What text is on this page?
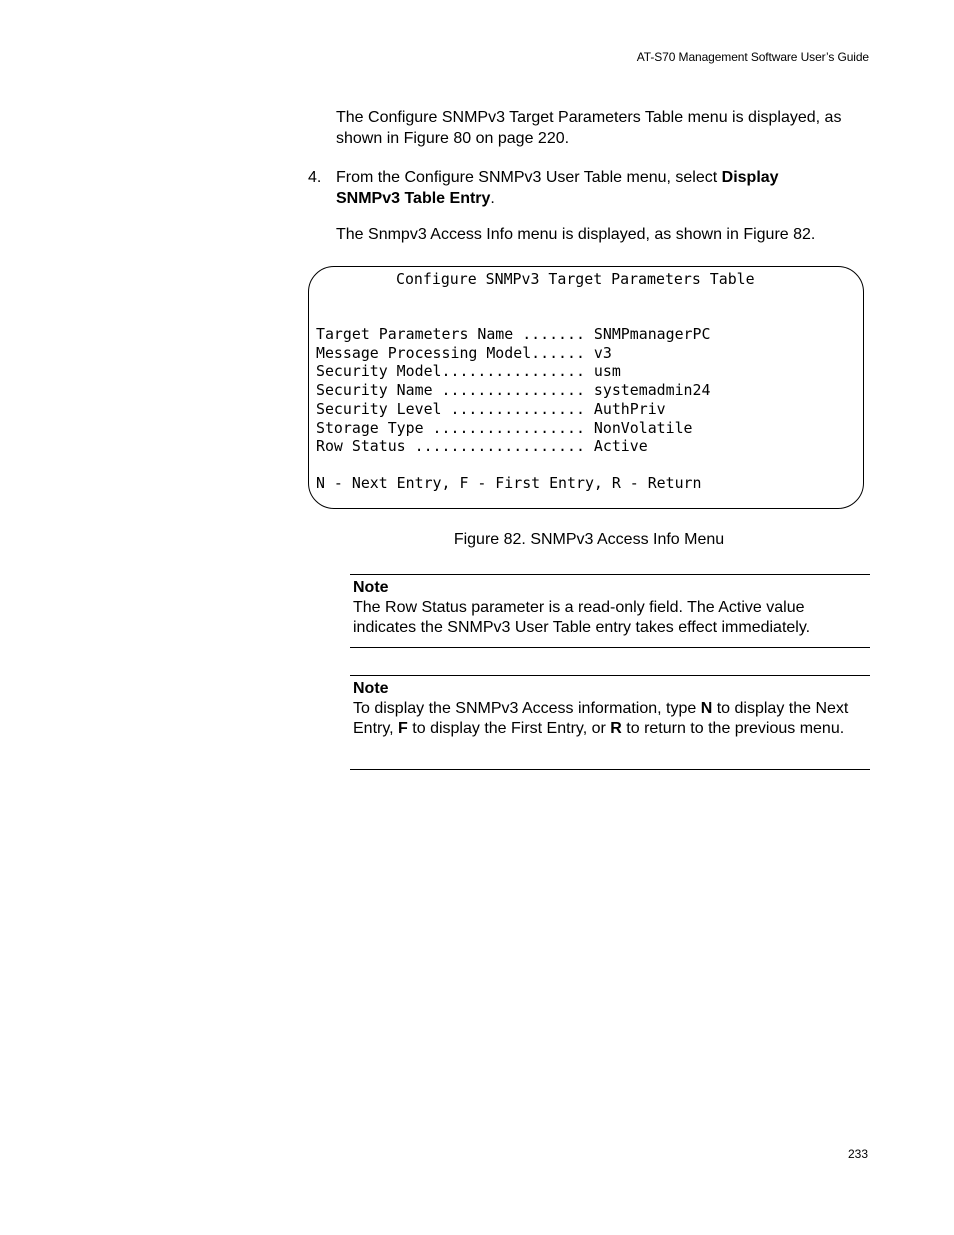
AT-S70 Management Software User’s Guide

The Configure SNMPv3 Target Parameters Table menu is displayed, as shown in Figure 80 on page 220.

4. From the Configure SNMPv3 User Table menu, select Display
SNMPv3 Table Entry.

The Snmpv3 Access Info menu is displayed, as shown in Figure 82.

Configure SNMPv3 Target Parameters Table

Target Parameters Name ....... SNMPmanagerPC

Message Processing Model...... v3

Security Model................ usm

Security Name ................ systemadmin24

Security Level ............... AuthPriv

Storage Type ................. NonVolatile

Row Status ................... Active

N - Next Entry, F - First Entry, R - Return

Figure 82. SNMPv3 Access Info Menu
Note

The Row Status parameter is a read-only field. The Active value indicates the SNMPv3 User Table entry takes effect immediately.

Note

To display the SNMPv3 Access information, type N to display the Next Entry, F to display the First Entry, or R to return to the previous menu.

233
